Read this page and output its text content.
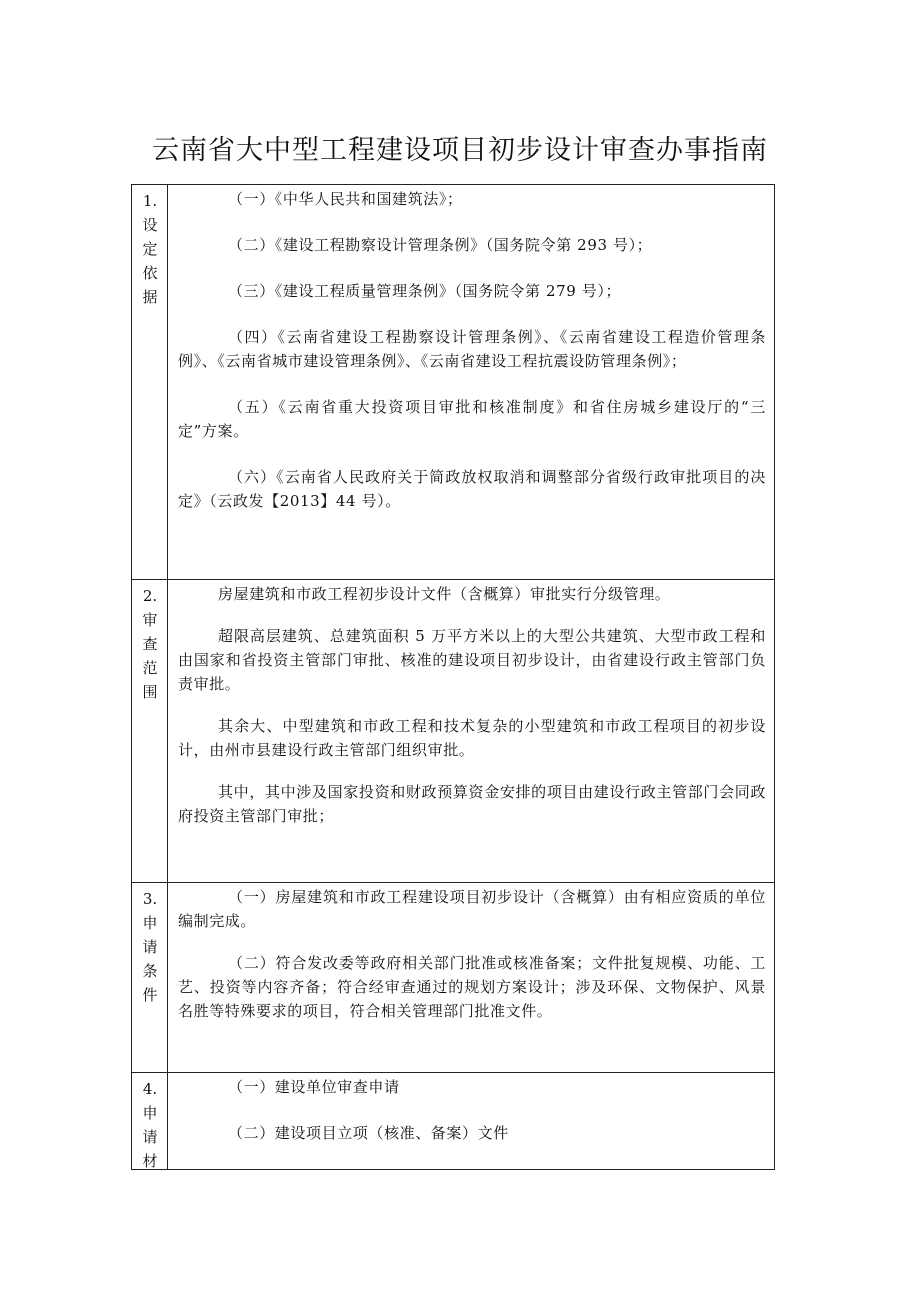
云南省大中型工程建设项目初步设计审查办事指南
1.设定依据

（一）《中华人民共和国建筑法》；

（二）《建设工程勘察设计管理条例》（国务院令第 293 号）；

（三）《建设工程质量管理条例》（国务院令第 279 号）；

（四）《云南省建设工程勘察设计管理条例》、《云南省建设工程造价管理条例》、《云南省城市建设管理条例》、《云南省建设工程抗震设防管理条例》；

（五）《云南省重大投资项目审批和核准制度》和省住房城乡建设厅的“三定”方案。

（六）《云南省人民政府关于简政放权取消和调整部分省级行政审批项目的决定》（云政发【2013】44 号）。

2.审查范围

房屋建筑和市政工程初步设计文件（含概算）审批实行分级管理。

超限高层建筑、总建筑面积 5 万平方米以上的大型公共建筑、大型市政工程和由国家和省投资主管部门审批、核准的建设项目初步设计，由省建设行政主管部门负责审批。

其余大、中型建筑和市政工程和技术复杂的小型建筑和市政工程项目的初步设计，由州市县建设行政主管部门组织审批。

其中，其中涉及国家投资和财政预算资金安排的项目由建设行政主管部门会同政府投资主管部门审批；

3.申请条件

（一）房屋建筑和市政工程建设项目初步设计（含概算）由有相应资质的单位编制完成。

（二）符合发改委等政府相关部门批准或核准备案；文件批复规模、功能、工艺、投资等内容齐备；符合经审查通过的规划方案设计；涉及环保、文物保护、风景名胜等特殊要求的项目，符合相关管理部门批准文件。

4.申请材

（一）建设单位审查申请

（二）建设项目立项（核准、备案）文件
